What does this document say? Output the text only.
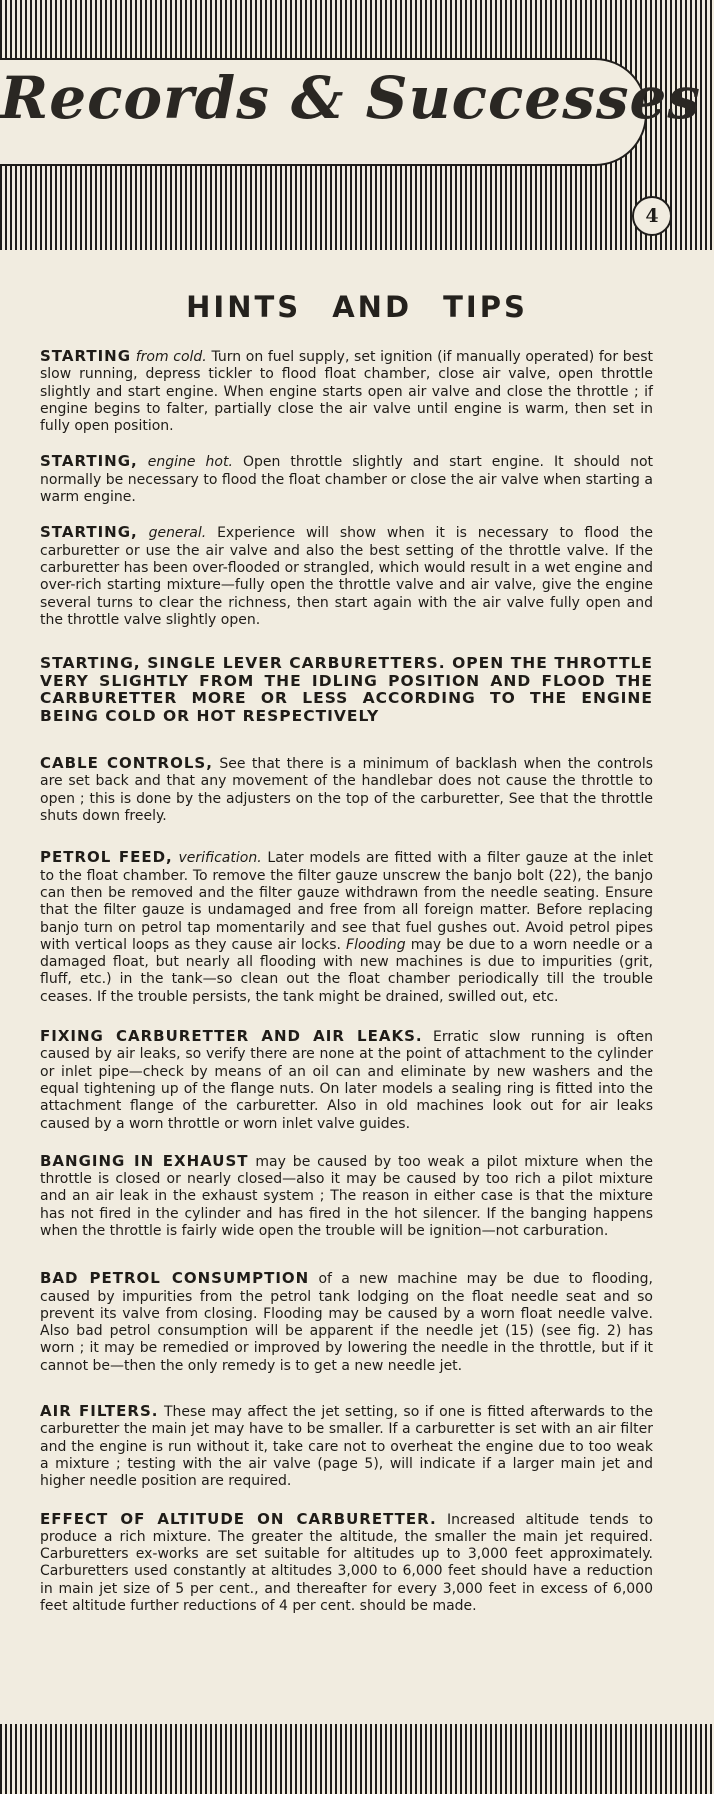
Records & Successes
4
HINTS AND TIPS

STARTING from cold. Turn on fuel supply, set ignition (if manually operated) for best slow running, depress tickler to flood float chamber, close air valve, open throttle slightly and start engine. When engine starts open air valve and close the throttle ; if engine begins to falter, partially close the air valve until engine is warm, then set in fully open position.

STARTING, engine hot. Open throttle slightly and start engine. It should not normally be necessary to flood the float chamber or close the air valve when starting a warm engine.

STARTING, general. Experience will show when it is necessary to flood the carburetter or use the air valve and also the best setting of the throttle valve. If the carburetter has been over-flooded or strangled, which would result in a wet engine and over-rich starting mixture—fully open the throttle valve and air valve, give the engine several turns to clear the richness, then start again with the air valve fully open and the throttle valve slightly open.

STARTING, SINGLE LEVER CARBURETTERS. OPEN THE THROTTLE VERY SLIGHTLY FROM THE IDLING POSITION AND FLOOD THE CARBURETTER MORE OR LESS ACCORDING TO THE ENGINE BEING COLD OR HOT RESPECTIVELY

CABLE CONTROLS, See that there is a minimum of backlash when the controls are set back and that any movement of the handlebar does not cause the throttle to open ; this is done by the adjusters on the top of the carburetter, See that the throttle shuts down freely.

PETROL FEED, verification. Later models are fitted with a filter gauze at the inlet to the float chamber. To remove the filter gauze unscrew the banjo bolt (22), the banjo can then be removed and the filter gauze withdrawn from the needle seating. Ensure that the filter gauze is undamaged and free from all foreign matter. Before replacing banjo turn on petrol tap momentarily and see that fuel gushes out. Avoid petrol pipes with vertical loops as they cause air locks. Flooding may be due to a worn needle or a damaged float, but nearly all flooding with new machines is due to impurities (grit, fluff, etc.) in the tank—so clean out the float chamber periodically till the trouble ceases. If the trouble persists, the tank might be drained, swilled out, etc.

FIXING CARBURETTER AND AIR LEAKS. Erratic slow running is often caused by air leaks, so verify there are none at the point of attachment to the cylinder or inlet pipe—check by means of an oil can and eliminate by new washers and the equal tightening up of the flange nuts. On later models a sealing ring is fitted into the attachment flange of the carburetter. Also in old machines look out for air leaks caused by a worn throttle or worn inlet valve guides.

BANGING IN EXHAUST may be caused by too weak a pilot mixture when the throttle is closed or nearly closed—also it may be caused by too rich a pilot mixture and an air leak in the exhaust system ; The reason in either case is that the mixture has not fired in the cylinder and has fired in the hot silencer. If the banging happens when the throttle is fairly wide open the trouble will be ignition—not carburation.

BAD PETROL CONSUMPTION of a new machine may be due to flooding, caused by impurities from the petrol tank lodging on the float needle seat and so prevent its valve from closing. Flooding may be caused by a worn float needle valve. Also bad petrol consumption will be apparent if the needle jet (15) (see fig. 2) has worn ; it may be remedied or improved by lowering the needle in the throttle, but if it cannot be—then the only remedy is to get a new needle jet.

AIR FILTERS. These may affect the jet setting, so if one is fitted afterwards to the carburetter the main jet may have to be smaller. If a carburetter is set with an air filter and the engine is run without it, take care not to overheat the engine due to too weak a mixture ; testing with the air valve (page 5), will indicate if a larger main jet and higher needle position are required.

EFFECT OF ALTITUDE ON CARBURETTER. Increased altitude tends to produce a rich mixture. The greater the altitude, the smaller the main jet required. Carburetters ex-works are set suitable for altitudes up to 3,000 feet approximately. Carburetters used constantly at altitudes 3,000 to 6,000 feet should have a reduction in main jet size of 5 per cent., and thereafter for every 3,000 feet in excess of 6,000 feet altitude further reductions of 4 per cent. should be made.
